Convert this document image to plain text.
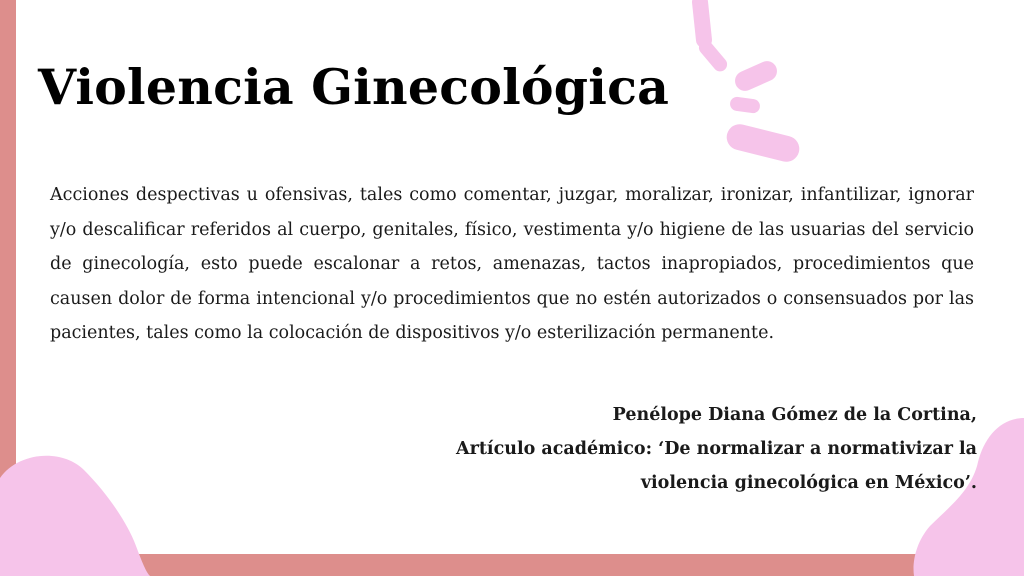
Violencia Ginecológica

Acciones despectivas u ofensivas, tales como comentar, juzgar, moralizar, ironizar, infantilizar, ignorar y/o descalificar referidos al cuerpo, genitales, físico, vestimenta y/o higiene de las usuarias del servicio de ginecología, esto puede escalonar a retos, amenazas, tactos inapropiados, procedimientos que causen dolor de forma intencional y/o procedimientos que no estén autorizados o consensuados por las pacientes, tales como la colocación de dispositivos y/o esterilización permanente.

Penélope Diana Gómez de la Cortina,
Artículo académico: ‘De normalizar a normativizar la
violencia ginecológica en México’.
